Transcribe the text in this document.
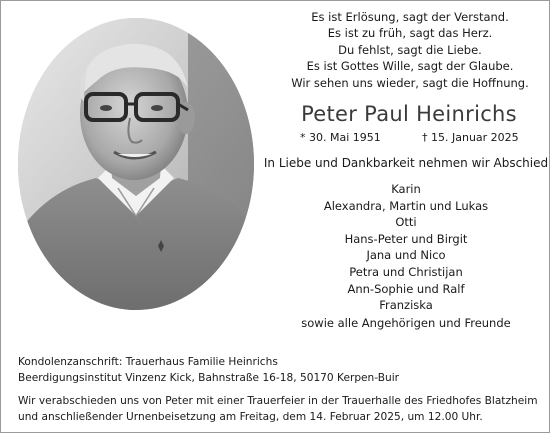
Es ist Erlösung, sagt der Verstand.
Es ist zu früh, sagt das Herz.
Du fehlst, sagt die Liebe.
Es ist Gottes Wille, sagt der Glaube.
Wir sehen uns wieder, sagt die Hoffnung.
Peter Paul Heinrichs
* 30. Mai 1951	† 15. Januar 2025
In Liebe und Dankbarkeit nehmen wir Abschied
Karin
Alexandra, Martin und Lukas
Otti
Hans-Peter und Birgit
Jana und Nico
Petra und Christijan
Ann-Sophie und Ralf
Franziska
sowie alle Angehörigen und Freunde
Kondolenzanschrift: Trauerhaus Familie Heinrichs
Beerdigungsinstitut Vinzenz Kick, Bahnstraße 16-18, 50170 Kerpen-Buir
Wir verabschieden uns von Peter mit einer Trauerfeier in der Trauerhalle des Friedhofes Blatzheim
und anschließender Urnenbeisetzung am Freitag, dem 14. Februar 2025, um 12.00 Uhr.
